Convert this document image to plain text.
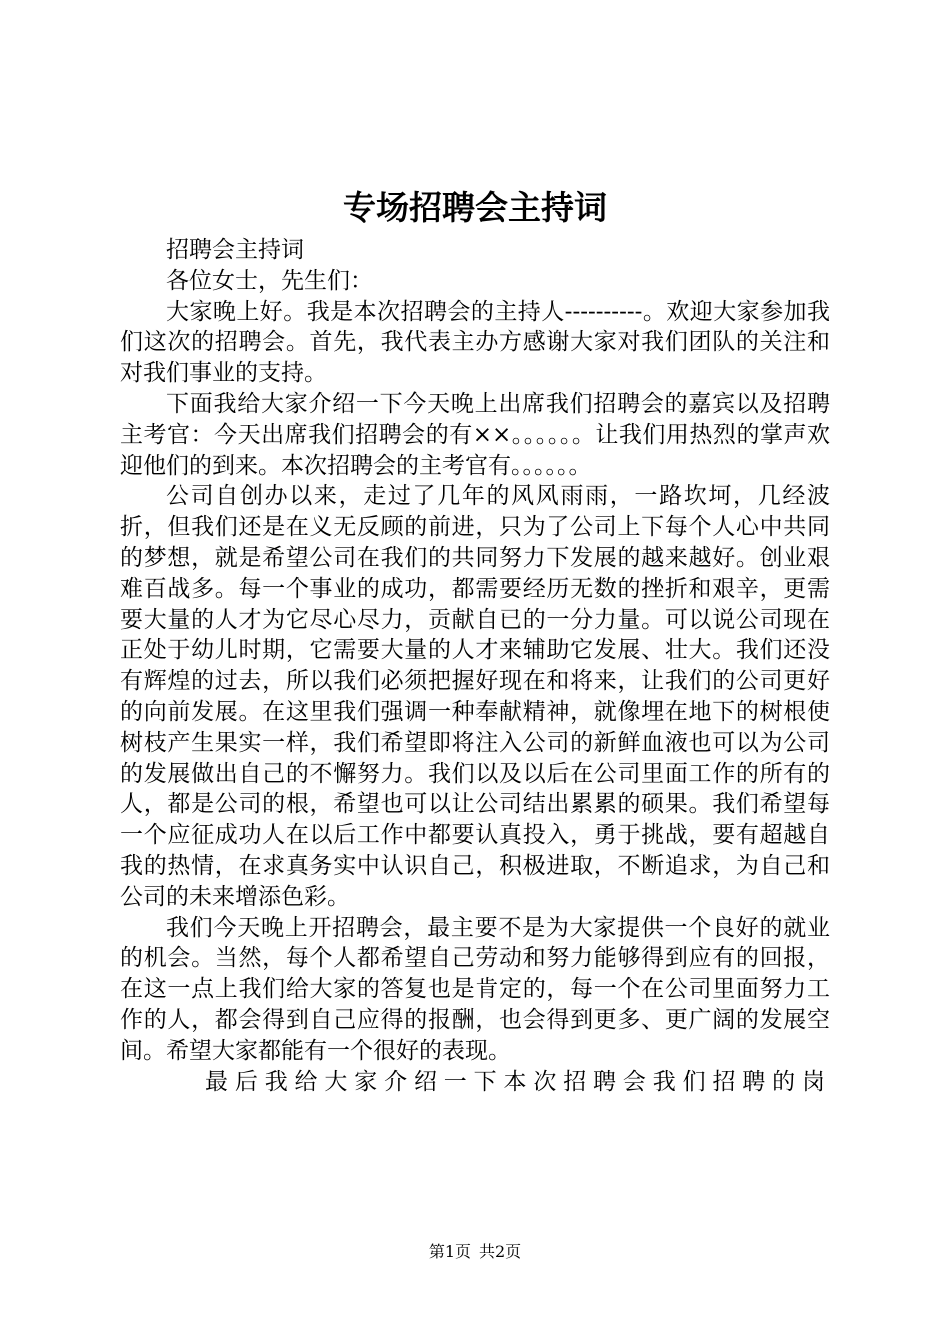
专场招聘会主持词

招聘会主持词

各位女士，先生们：

大家晚上好。我是本次招聘会的主持人----------。欢迎大家参加我们这次的招聘会。首先，我代表主办方感谢大家对我们团队的关注和对我们事业的支持。

下面我给大家介绍一下今天晚上出席我们招聘会的嘉宾以及招聘主考官：今天出席我们招聘会的有××。。。。。。让我们用热烈的掌声欢迎他们的到来。本次招聘会的主考官有。。。。。。

公司自创办以来，走过了几年的风风雨雨，一路坎坷，几经波折，但我们还是在义无反顾的前进，只为了公司上下每个人心中共同的梦想，就是希望公司在我们的共同努力下发展的越来越好。创业艰难百战多。每一个事业的成功，都需要经历无数的挫折和艰辛，更需要大量的人才为它尽心尽力，贡献自已的一分力量。可以说公司现在正处于幼儿时期，它需要大量的人才来辅助它发展、壮大。我们还没有辉煌的过去，所以我们必须把握好现在和将来，让我们的公司更好的向前发展。在这里我们强调一种奉献精神，就像埋在地下的树根使树枝产生果实一样，我们希望即将注入公司的新鲜血液也可以为公司的发展做出自己的不懈努力。我们以及以后在公司里面工作的所有的人，都是公司的根，希望也可以让公司结出累累的硕果。我们希望每一个应征成功人在以后工作中都要认真投入，勇于挑战，要有超越自我的热情，在求真务实中认识自己，积极进取，不断追求，为自己和公司的未来增添色彩。

我们今天晚上开招聘会，最主要不是为大家提供一个良好的就业的机会。当然，每个人都希望自己劳动和努力能够得到应有的回报，在这一点上我们给大家的答复也是肯定的，每一个在公司里面努力工作的人，都会得到自己应得的报酬，也会得到更多、更广阔的发展空间。希望大家都能有一个很好的表现。

最后我给大家介绍一下本次招聘会我们招聘的岗

第1页 共2页
